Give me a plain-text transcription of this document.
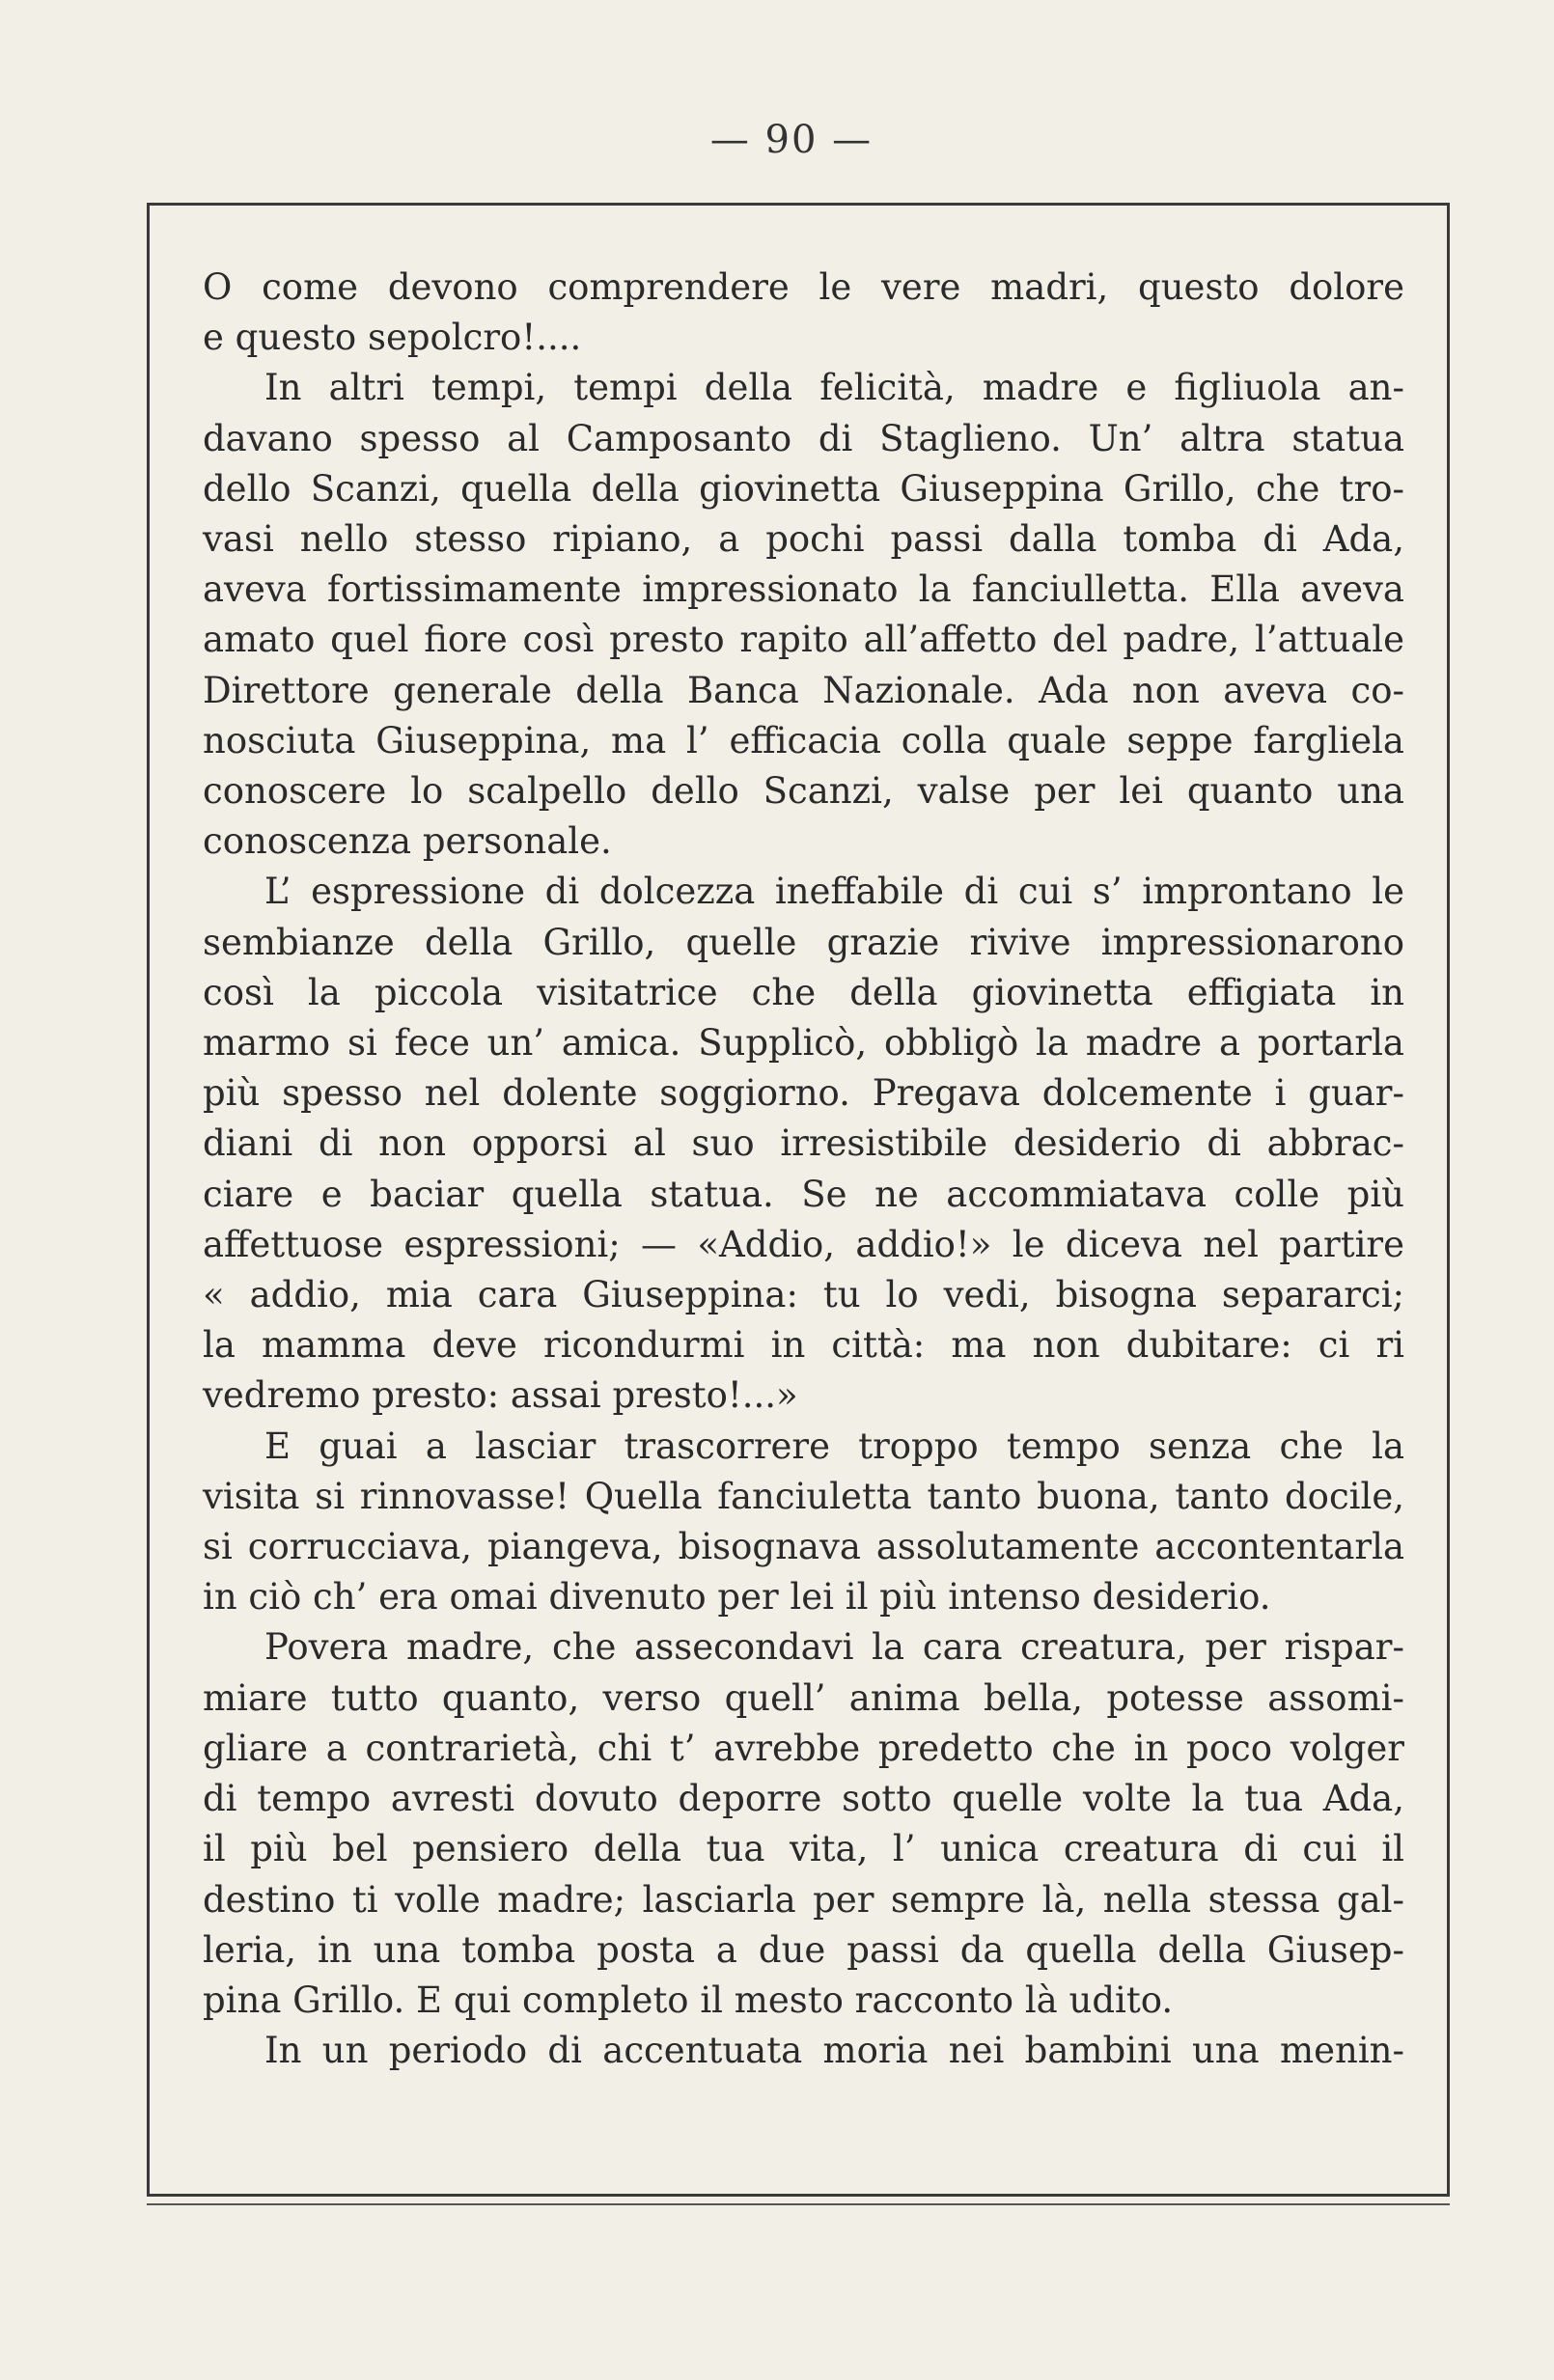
— 90 —
O come devono comprendere le vere madri, questo dolore
e questo sepolcro!....
In altri tempi, tempi della felicità, madre e figliuola an-
davano spesso al Camposanto di Staglieno. Un’ altra statua
dello Scanzi, quella della giovinetta Giuseppina Grillo, che tro-
vasi nello stesso ripiano, a pochi passi dalla tomba di Ada,
aveva fortissimamente impressionato la fanciulletta. Ella aveva
amato quel fiore così presto rapito all’affetto del padre, l’attuale
Direttore generale della Banca Nazionale. Ada non aveva co-
nosciuta Giuseppina, ma l’ efficacia colla quale seppe fargliela
conoscere lo scalpello dello Scanzi, valse per lei quanto una
conoscenza personale.
L’ espressione di dolcezza ineffabile di cui s’ improntano le
sembianze della Grillo, quelle grazie rivive impressionarono
così la piccola visitatrice che della giovinetta effigiata in
marmo si fece un’ amica. Supplicò, obbligò la madre a portarla
più spesso nel dolente soggiorno. Pregava dolcemente i guar-
diani di non opporsi al suo irresistibile desiderio di abbrac-
ciare e baciar quella statua. Se ne accommiatava colle più
affettuose espressioni; — «Addio, addio!» le diceva nel partire
« addio, mia cara Giuseppina: tu lo vedi, bisogna separarci;
la mamma deve ricondurmi in città: ma non dubitare: ci ri
vedremo presto: assai presto!...»
E guai a lasciar trascorrere troppo tempo senza che la
visita si rinnovasse! Quella fanciuletta tanto buona, tanto docile,
si corrucciava, piangeva, bisognava assolutamente accontentarla
in ciò ch’ era omai divenuto per lei il più intenso desiderio.
Povera madre, che assecondavi la cara creatura, per rispar-
miare tutto quanto, verso quell’ anima bella, potesse assomi-
gliare a contrarietà, chi t’ avrebbe predetto che in poco volger
di tempo avresti dovuto deporre sotto quelle volte la tua Ada,
il più bel pensiero della tua vita, l’ unica creatura di cui il
destino ti volle madre; lasciarla per sempre là, nella stessa gal-
leria, in una tomba posta a due passi da quella della Giusep-
pina Grillo. E qui completo il mesto racconto là udito.
In un periodo di accentuata moria nei bambini una menin-
